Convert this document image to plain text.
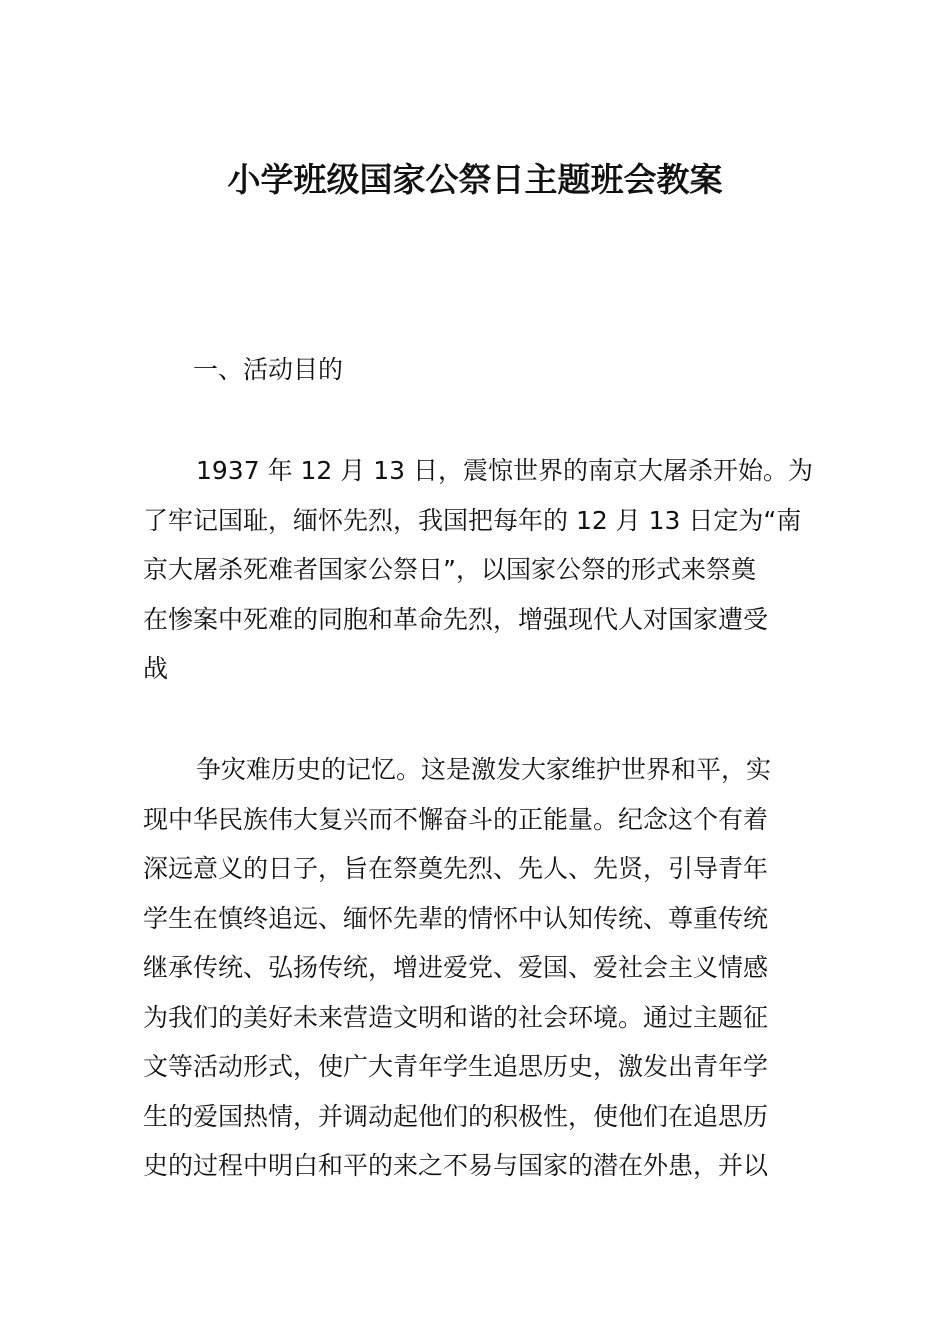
小学班级国家公祭日主题班会教案
一、活动目的
1937 年 12 月 13 日，震惊世界的南京大屠杀开始。为
了牢记国耻，缅怀先烈，我国把每年的 12 月 13 日定为“南
京大屠杀死难者国家公祭日”，以国家公祭的形式来祭奠
在惨案中死难的同胞和革命先烈，增强现代人对国家遭受
战
争灾难历史的记忆。这是激发大家维护世界和平，实
现中华民族伟大复兴而不懈奋斗的正能量。纪念这个有着
深远意义的日子，旨在祭奠先烈、先人、先贤，引导青年
学生在慎终追远、缅怀先辈的情怀中认知传统、尊重传统
继承传统、弘扬传统，增进爱党、爱国、爱社会主义情感
为我们的美好未来营造文明和谐的社会环境。通过主题征
文等活动形式，使广大青年学生追思历史，激发出青年学
生的爱国热情，并调动起他们的积极性，使他们在追思历
史的过程中明白和平的来之不易与国家的潜在外患，并以
